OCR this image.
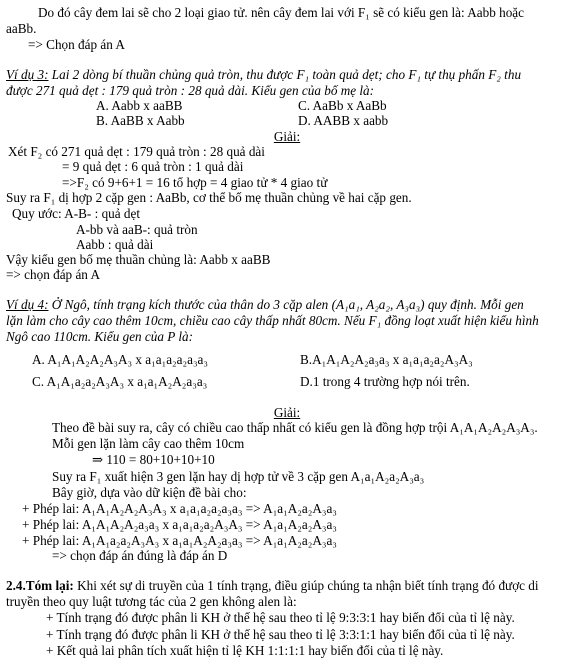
Do đó cây đem lai sẽ cho 2 loại giao tử. nên cây đem lai với F₁ sẽ có kiểu gen là: Aabb hoặc
aaBb.
=> Chọn đáp án A
Ví dụ 3: Lai 2 dòng bí thuần chủng quả tròn, thu được F₁ toàn quả dẹt; cho F₁ tự thụ phấn F₂ thu
được 271 quả dẹt : 179 quả tròn : 28 quả dài. Kiểu gen của bố mẹ là:
A. Aabb x aaBB	C. AaBb x AaBb
B. AaBB x Aabb	D. AABB x aabb
Giải:
Xét F₂ có 271 quả dẹt : 179 quả tròn : 28 quả dài
= 9 quả dẹt : 6 quả tròn : 1 quả dài
=>F₂ có 9+6+1 = 16 tổ hợp = 4 giao tử * 4 giao tử
Suy ra F₁ dị hợp 2 cặp gen : AaBb, cơ thể bố mẹ thuần chủng về hai cặp gen.
Quy ước: A-B- : quả dẹt
A-bb và aaB-: quả tròn
Aabb : quả dài
Vậy kiểu gen bố mẹ thuần chủng là: Aabb x aaBB
=> chọn đáp án A
Ví dụ 4: Ở Ngô, tính trạng kích thước của thân do 3 cặp alen (A₁a₁, A₂a₂, A₃a₃) quy định. Mỗi gen
lặn làm cho cây cao thêm 10cm, chiều cao cây thấp nhất 80cm. Nếu F₁ đồng loạt xuất hiện kiểu hình
Ngô cao 110cm. Kiểu gen của P là:
A. A₁A₁A₂A₂A₃A₃ x a₁a₁a₂a₂a₃a₃	B.A₁A₁A₂A₂a₃a₃ x a₁a₁a₂a₂A₃A₃
C. A₁A₁a₂a₂A₃A₃ x a₁a₁A₂A₂a₃a₃	D.1 trong 4 trường hợp nói trên.
Giải:
Theo đề bài suy ra, cây có chiều cao thấp nhất có kiểu gen là đồng hợp trội A₁A₁A₂A₂A₃A₃.
Mỗi gen lặn làm cây cao thêm 10cm
⇒ 110 = 80+10+10+10
Suy ra F₁ xuất hiện 3 gen lặn hay dị hợp tử về 3 cặp gen A₁a₁A₂a₂A₃a₃
Bây giờ, dựa vào dữ kiện đề bài cho:
+ Phép lai: A₁A₁A₂A₂A₃A₃ x a₁a₁a₂a₂a₃a₃ => A₁a₁A₂a₂A₃a₃
+ Phép lai: A₁A₁A₂A₂a₃a₃ x a₁a₁a₂a₂A₃A₃ => A₁a₁A₂a₂A₃a₃
+ Phép lai: A₁A₁a₂a₂A₃A₃ x a₁a₁A₂A₂a₃a₃ => A₁a₁A₂a₂A₃a₃
=> chọn đáp án đúng là đáp án D
2.4.Tóm lại: Khi xét sự di truyền của 1 tính trạng, điều giúp chúng ta nhận biết tính trạng đó được di
truyền theo quy luật tương tác của 2 gen không alen là:
+ Tính trạng đó được phân li KH ở thế hệ sau theo tỉ lệ 9:3:3:1 hay biến đổi của tỉ lệ này.
+ Tính trạng đó được phân li KH ở thế hệ sau theo tỉ lệ 3:3:1:1 hay biến đổi của tỉ lệ này.
+ Kết quả lai phân tích xuất hiện tỉ lệ KH 1:1:1:1 hay biến đổi của tỉ lệ này.
